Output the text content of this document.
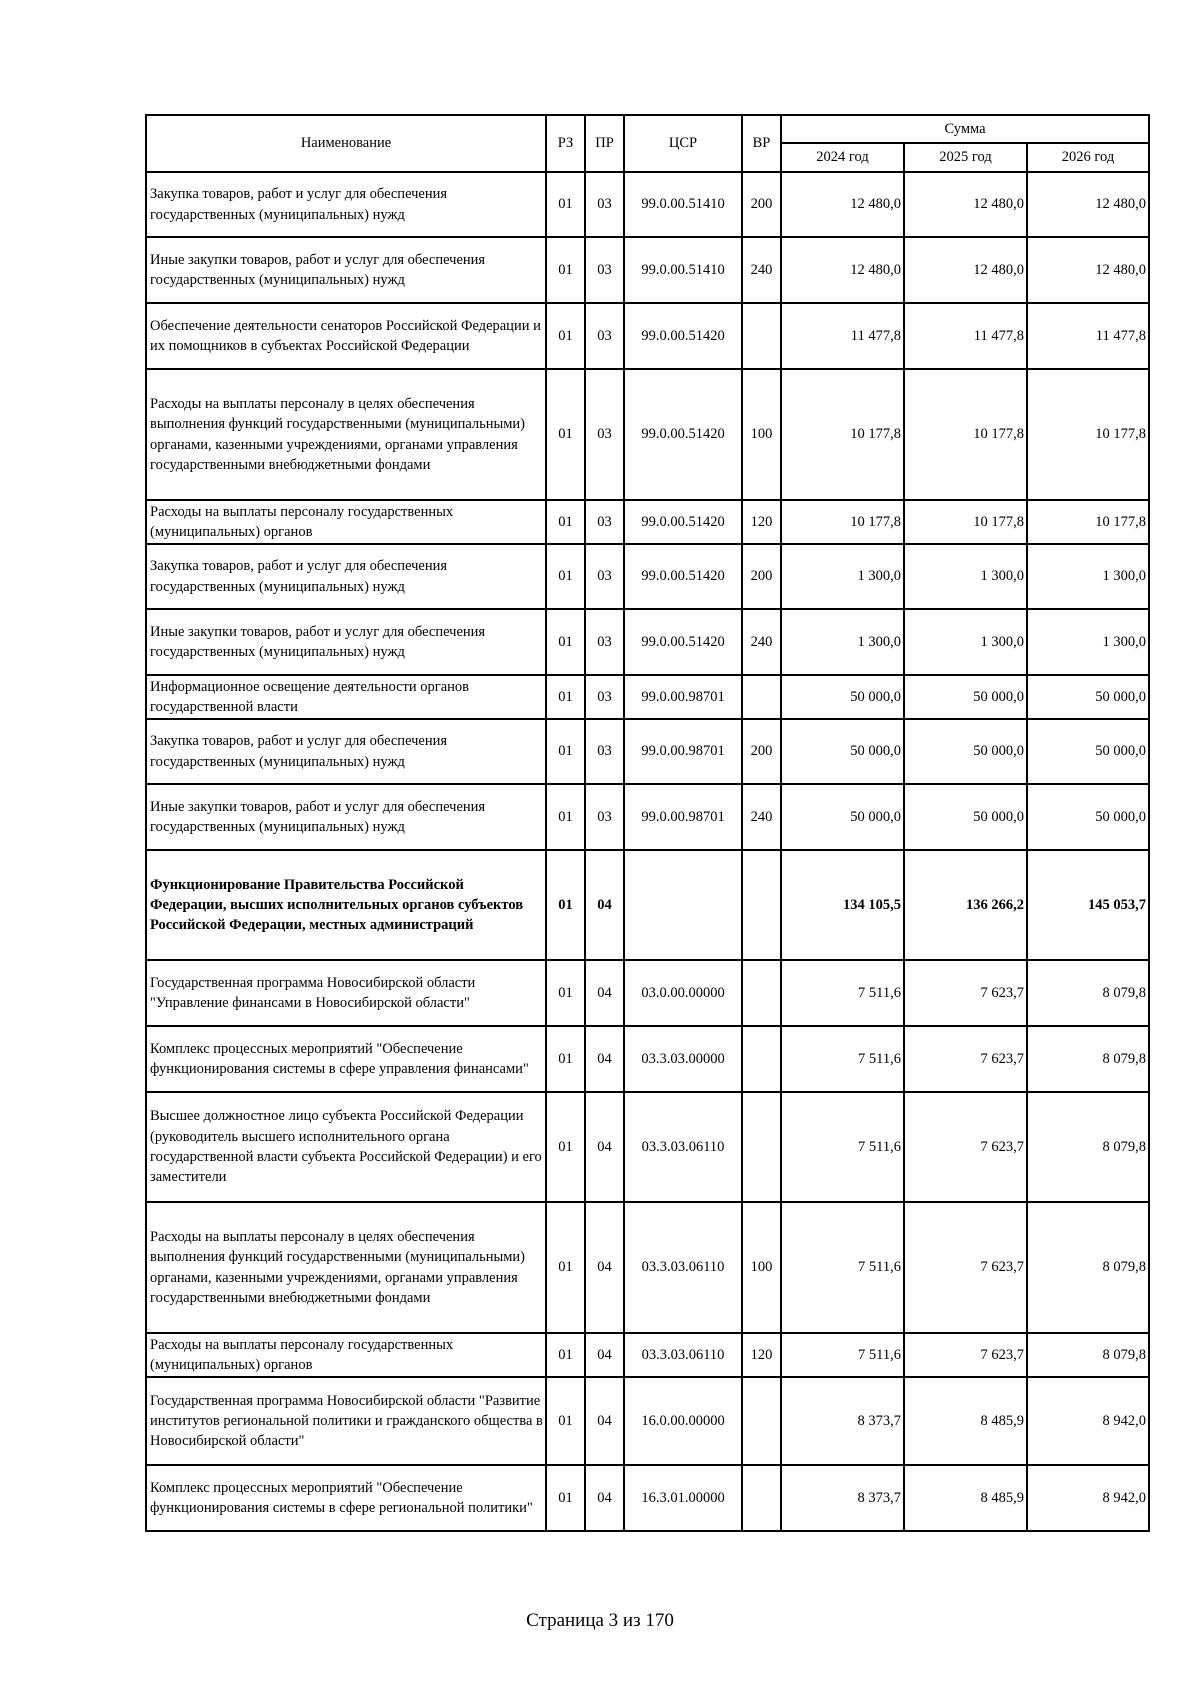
Наименование	РЗ	ПР	ЦСР	ВР	Сумма		
					2024 год	2025 год	2026 год
Закупка товаров, работ и услуг для обеспечения государственных (муниципальных) нужд	01	03	99.0.00.51410	200	12 480,0	12 480,0	12 480,0
Иные закупки товаров, работ и услуг для обеспечения государственных (муниципальных) нужд	01	03	99.0.00.51410	240	12 480,0	12 480,0	12 480,0
Обеспечение деятельности сенаторов Российской Федерации и их помощников в субъектах Российской Федерации	01	03	99.0.00.51420		11 477,8	11 477,8	11 477,8
Расходы на выплаты персоналу в целях обеспечения выполнения функций государственными (муниципальными) органами, казенными учреждениями, органами управления государственными внебюджетными фондами	01	03	99.0.00.51420	100	10 177,8	10 177,8	10 177,8
Расходы на выплаты персоналу государственных (муниципальных) органов	01	03	99.0.00.51420	120	10 177,8	10 177,8	10 177,8
Закупка товаров, работ и услуг для обеспечения государственных (муниципальных) нужд	01	03	99.0.00.51420	200	1 300,0	1 300,0	1 300,0
Иные закупки товаров, работ и услуг для обеспечения государственных (муниципальных) нужд	01	03	99.0.00.51420	240	1 300,0	1 300,0	1 300,0
Информационное освещение деятельности органов государственной власти	01	03	99.0.00.98701		50 000,0	50 000,0	50 000,0
Закупка товаров, работ и услуг для обеспечения государственных (муниципальных) нужд	01	03	99.0.00.98701	200	50 000,0	50 000,0	50 000,0
Иные закупки товаров, работ и услуг для обеспечения государственных (муниципальных) нужд	01	03	99.0.00.98701	240	50 000,0	50 000,0	50 000,0
Функционирование Правительства Российской Федерации, высших исполнительных органов субъектов Российской Федерации, местных администраций	01	04			134 105,5	136 266,2	145 053,7
Государственная программа Новосибирской области "Управление финансами в Новосибирской области"	01	04	03.0.00.00000		7 511,6	7 623,7	8 079,8
Комплекс процессных мероприятий "Обеспечение функционирования системы в сфере управления финансами"	01	04	03.3.03.00000		7 511,6	7 623,7	8 079,8
Высшее должностное лицо субъекта Российской Федерации (руководитель высшего исполнительного органа государственной власти субъекта Российской Федерации) и его заместители	01	04	03.3.03.06110		7 511,6	7 623,7	8 079,8
Расходы на выплаты персоналу в целях обеспечения выполнения функций государственными (муниципальными) органами, казенными учреждениями, органами управления государственными внебюджетными фондами	01	04	03.3.03.06110	100	7 511,6	7 623,7	8 079,8
Расходы на выплаты персоналу государственных (муниципальных) органов	01	04	03.3.03.06110	120	7 511,6	7 623,7	8 079,8
Государственная программа Новосибирской области "Развитие институтов региональной политики и гражданского общества в Новосибирской области"	01	04	16.0.00.00000		8 373,7	8 485,9	8 942,0
Комплекс процессных мероприятий "Обеспечение функционирования системы в сфере региональной политики"	01	04	16.3.01.00000		8 373,7	8 485,9	8 942,0
Страница 3 из 170
